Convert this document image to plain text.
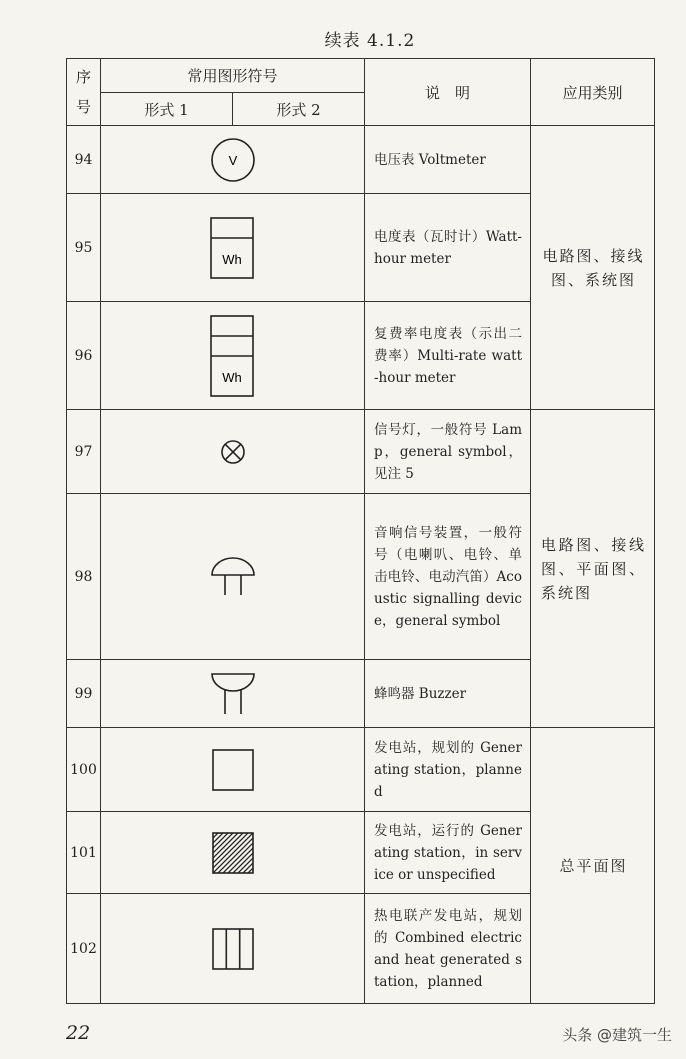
续表 4.1.2
序号	常用图形符号		说　明	应用类别
	形式 1	形式 2		
94	V		电压表 Voltmeter	电路图、接线图、系统图
95	Wh		电度表（瓦时计）Watt-hour meter	
96	Wh		复费率电度表（示出二费率）Multi-rate watt-hour meter	
97			信号灯，一般符号 Lamp，general symbol，见注 5	电路图、接线图、平面图、系统图
98			音响信号装置，一般符号（电喇叭、电铃、单击电铃、电动汽笛）Acoustic signalling device，general symbol	
99			蜂鸣器 Buzzer	
100			发电站，规划的 Generating station，planned	总平面图
101			发电站，运行的 Generating station，in service or unspecified	
102			热电联产发电站，规划的 Combined electric and heat generated station，planned	
22	头条 @建筑一生
